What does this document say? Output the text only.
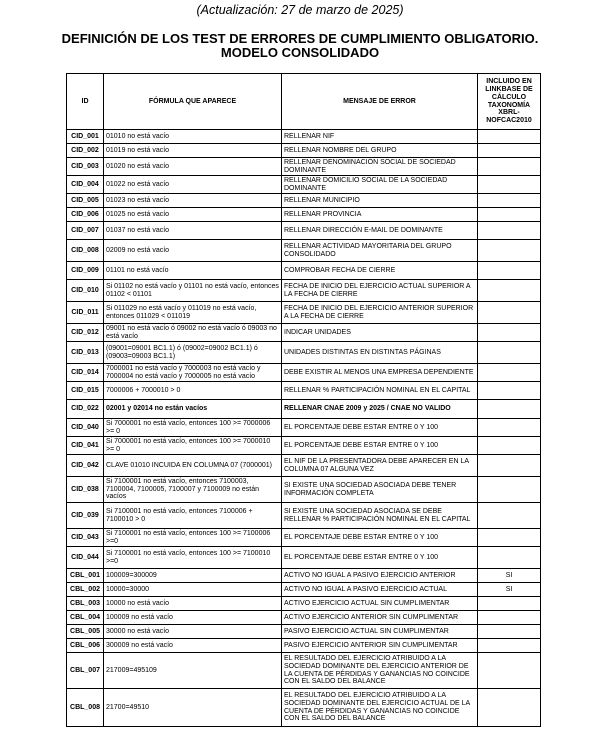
(Actualización: 27 de marzo de 2025)
DEFINICIÓN DE LOS TEST DE ERRORES DE CUMPLIMIENTO OBLIGATORIO.
MODELO CONSOLIDADO
ID	FÓRMULA QUE APARECE	MENSAJE DE ERROR	INCLUIDO EN LINKBASE DE CÁLCULO TAXONOMÍA XBRL-NOFCAC2010
CID_001	01010 no está vacío	RELLENAR NIF	
CID_002	01019 no está vacío	RELLENAR NOMBRE DEL GRUPO	
CID_003	01020 no está vacío	RELLENAR DENOMINACIÓN SOCIAL DE SOCIEDAD DOMINANTE	
CID_004	01022 no está vacío	RELLENAR DOMICILIO SOCIAL DE LA SOCIEDAD DOMINANTE	
CID_005	01023 no está vacío	RELLENAR MUNICIPIO	
CID_006	01025 no está vacío	RELLENAR PROVINCIA	
CID_007	01037 no está vacío	RELLENAR DIRECCIÓN E-MAIL DE DOMINANTE	
CID_008	02009 no está vacío	RELLENAR ACTIVIDAD MAYORITARIA DEL GRUPO CONSOLIDADO	
CID_009	01101 no está vacío	COMPROBAR FECHA DE CIERRE	
CID_010	Si 01102 no está vacío y 01101 no está vacío, entonces 01102 < 01101	FECHA DE INICIO DEL EJERCICIO ACTUAL SUPERIOR A LA FECHA DE CIERRE	
CID_011	Si 011029 no está vacío y 011019 no está vacío, entonces 011029 < 011019	FECHA DE INICIO DEL EJERCICIO ANTERIOR SUPERIOR A LA FECHA DE CIERRE	
CID_012	09001 no está vacío ó 09002 no está vacío ó 09003 no está vacío	INDICAR UNIDADES	
CID_013	(09001=09001 BC1.1) ó (09002=09002 BC1.1) ó (09003=09003 BC1.1)	UNIDADES DISTINTAS EN DISTINTAS PÁGINAS	
CID_014	7000001 no está vacío y 7000003 no está vacío y 7000004 no está vacío y 7000005 no está vacío	DEBE EXISTIR AL MENOS UNA EMPRESA DEPENDIENTE	
CID_015	7000006 + 7000010 > 0	RELLENAR % PARTICIPACIÓN NOMINAL EN EL CAPITAL	
CID_022	02001 y 02014 no están vacíos	RELLENAR CNAE 2009 y 2025 / CNAE NO VALIDO	
CID_040	Si 7000001 no está vacío, entonces 100 >= 7000006 >= 0	EL PORCENTAJE DEBE ESTAR ENTRE 0 Y 100	
CID_041	Si 7000001 no está vacío, entonces 100 >= 7000010 >= 0	EL PORCENTAJE DEBE ESTAR ENTRE 0 Y 100	
CID_042	CLAVE 01010 INCUIDA EN COLUMNA 07 (7000001)	EL NIF DE LA PRESENTADORA DEBE APARECER EN LA COLUMNA 07 ALGUNA VEZ	
CID_038	Si 7100001 no está vacío, entonces 7100003, 7100004, 7100005, 7100007 y 7100009 no están vacíos	SI EXISTE UNA SOCIEDAD ASOCIADA DEBE TENER INFORMACIÓN COMPLETA	
CID_039	Si 7100001 no está vacío, entonces 7100006 + 7100010 > 0	SI EXISTE UNA SOCIEDAD ASOCIADA SE DEBE RELLENAR % PARTICIPACIÓN NOMINAL EN EL CAPITAL	
CID_043	Si 7100001 no está vacío, entonces 100 >= 7100006 >=0	EL PORCENTAJE DEBE ESTAR ENTRE 0 Y 100	
CID_044	Si 7100001 no está vacío, entonces 100 >= 7100010 >=0	EL PORCENTAJE DEBE ESTAR ENTRE 0 Y 100	
CBL_001	100009=300009	ACTIVO NO IGUAL A PASIVO EJERCICIO ANTERIOR	SI
CBL_002	10000=30000	ACTIVO NO IGUAL A PASIVO EJERCICIO ACTUAL	SI
CBL_003	10000 no está vacío	ACTIVO EJERCICIO ACTUAL SIN CUMPLIMENTAR	
CBL_004	100009 no está vacío	ACTIVO EJERCICIO ANTERIOR SIN CUMPLIMENTAR	
CBL_005	30000 no está vacío	PASIVO EJERCICIO ACTUAL SIN CUMPLIMENTAR	
CBL_006	300009 no está vacío	PASIVO EJERCICIO ANTERIOR SIN CUMPLIMENTAR	
CBL_007	217009=495109	EL RESULTADO DEL EJERCICIO ATRIBUIDO A LA SOCIEDAD DOMINANTE DEL EJERCICIO ANTERIOR DE LA CUENTA DE PÉRDIDAS Y GANANCIAS NO COINCIDE CON EL SALDO DEL BALANCE	
CBL_008	21700=49510	EL RESULTADO DEL EJERCICIO ATRIBUIDO A LA SOCIEDAD DOMINANTE DEL EJERCICIO ACTUAL DE LA CUENTA DE PÉRDIDAS Y GANANCIAS NO COINCIDE CON EL SALDO DEL BALANCE	
